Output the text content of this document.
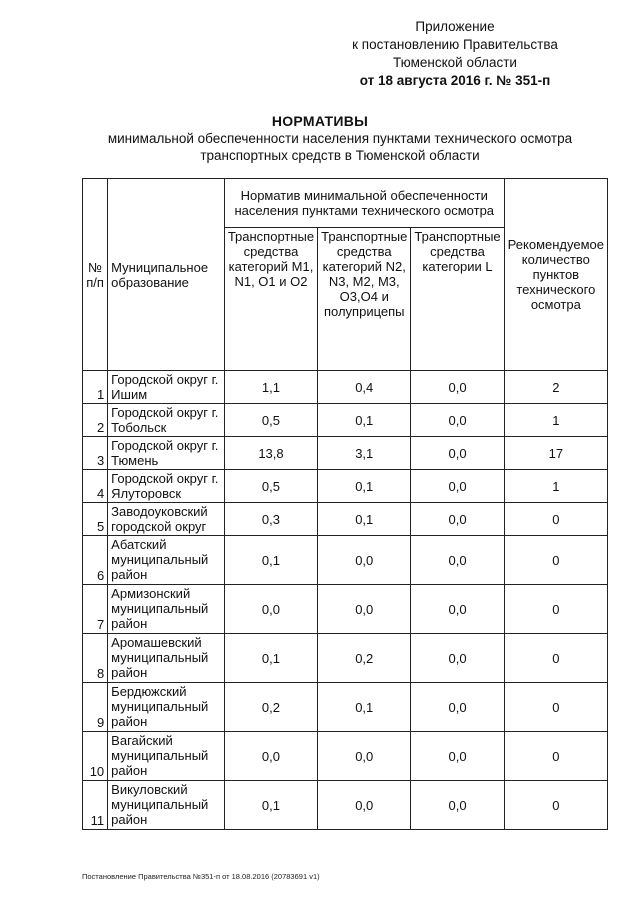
Приложение
к постановлению Правительства
Тюменской области
от 18 августа 2016 г. № 351-п
НОРМАТИВЫ
минимальной обеспеченности населения пунктами технического осмотра транспортных средств в Тюменской области
№ п/п	Муниципальное образование	Норматив минимальной обеспеченности населения пунктами технического осмотра			Рекомендуемое количество пунктов технического осмотра
		Транспортные средства категорий M1, N1, O1 и O2	Транспортные средства категорий N2, N3, M2, M3, O3,O4 и полуприцепы	Транспортные средства категории L	
1	Городской округ г. Ишим	1,1	0,4	0,0	2
2	Городской округ г. Тобольск	0,5	0,1	0,0	1
3	Городской округ г. Тюмень	13,8	3,1	0,0	17
4	Городской округ г. Ялуторовск	0,5	0,1	0,0	1
5	Заводоуковский городской округ	0,3	0,1	0,0	0
6	Абатский муниципальный район	0,1	0,0	0,0	0
7	Армизонский муниципальный район	0,0	0,0	0,0	0
8	Аромашевский муниципальный район	0,1	0,2	0,0	0
9	Бердюжский муниципальный район	0,2	0,1	0,0	0
10	Вагайский муниципальный район	0,0	0,0	0,0	0
11	Викуловский муниципальный район	0,1	0,0	0,0	0
Постановление Правительства №351-п от 18.08.2016 (20783691 v1)
